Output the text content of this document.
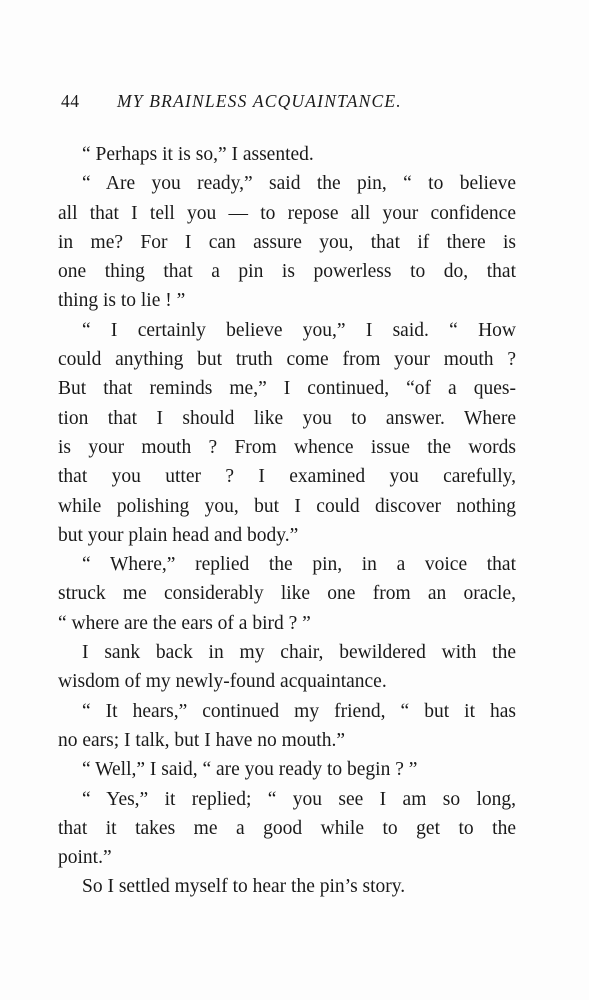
44 MY BRAINLESS ACQUAINTANCE.
“ Perhaps it is so,” I assented.
“ Are you ready,” said the pin, “ to believe
all that I tell you — to repose all your confidence
in me? For I can assure you, that if there is
one thing that a pin is powerless to do, that
thing is to lie ! ”
“ I certainly believe you,” I said. “ How
could anything but truth come from your mouth ?
But that reminds me,” I continued, “of a ques-
tion that I should like you to answer. Where
is your mouth ? From whence issue the words
that you utter ? I examined you carefully,
while polishing you, but I could discover nothing
but your plain head and body.”
“ Where,” replied the pin, in a voice that
struck me considerably like one from an oracle,
“ where are the ears of a bird ? ”
I sank back in my chair, bewildered with the
wisdom of my newly-found acquaintance.
“ It hears,” continued my friend, “ but it has
no ears; I talk, but I have no mouth.”
“ Well,” I said, “ are you ready to begin ? ”
“ Yes,” it replied; “ you see I am so long,
that it takes me a good while to get to the
point.”
So I settled myself to hear the pin’s story.
